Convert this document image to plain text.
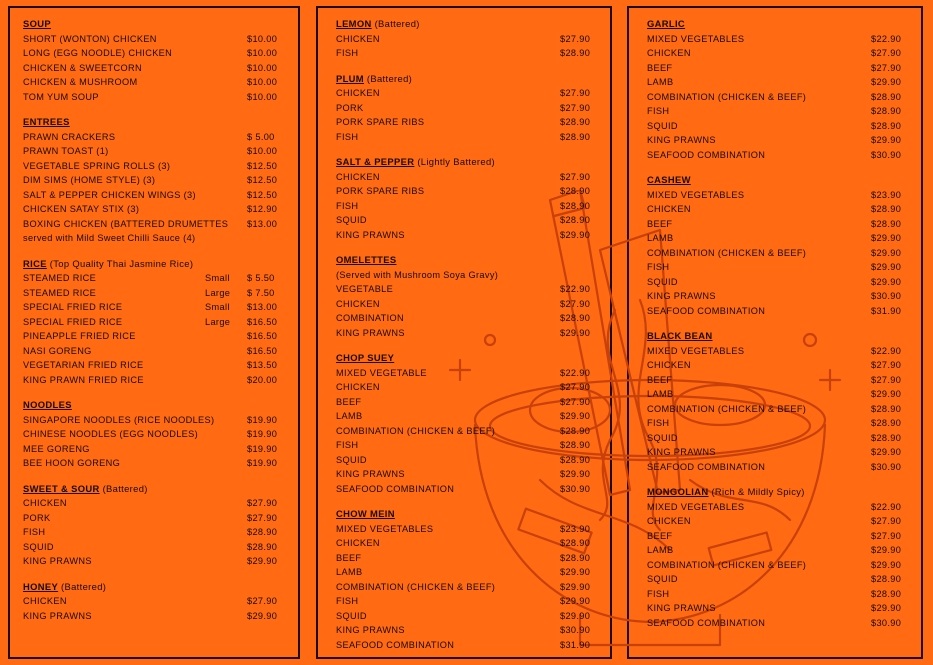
SOUP
SHORT (WONTON) CHICKEN	$10.00
LONG (EGG NOODLE) CHICKEN	$10.00
CHICKEN & SWEETCORN	$10.00
CHICKEN & MUSHROOM	$10.00
TOM YUM SOUP	$10.00
ENTREES
PRAWN CRACKERS	$ 5.00
PRAWN TOAST (1)	$10.00
VEGETABLE SPRING ROLLS (3)	$12.50
DIM SIMS (HOME STYLE) (3)	$12.50
SALT & PEPPER CHICKEN WINGS (3)	$12.50
CHICKEN SATAY STIX (3)	$12.90
BOXING CHICKEN (BATTERED DRUMETTES	$13.00
served with Mild Sweet Chilli Sauce (4)
RICE (Top Quality Thai Jasmine Rice)
STEAMED RICE	Small	$ 5.50
STEAMED RICE	Large	$ 7.50
SPECIAL FRIED RICE	Small	$13.00
SPECIAL FRIED RICE	Large	$16.50
PINEAPPLE FRIED RICE	$16.50
NASI GORENG	$16.50
VEGETARIAN FRIED RICE	$13.50
KING PRAWN FRIED RICE	$20.00
NOODLES
SINGAPORE NOODLES (RICE NOODLES)	$19.90
CHINESE NOODLES (EGG NOODLES)	$19.90
MEE GORENG	$19.90
BEE HOON GORENG	$19.90
SWEET & SOUR (Battered)
CHICKEN	$27.90
PORK	$27.90
FISH	$28.90
SQUID	$28.90
KING PRAWNS	$29.90
HONEY (Battered)
CHICKEN	$27.90
KING PRAWNS	$29.90
LEMON (Battered)
CHICKEN	$27.90
FISH	$28.90
PLUM (Battered)
CHICKEN	$27.90
PORK	$27.90
PORK SPARE RIBS	$28.90
FISH	$28.90
SALT & PEPPER (Lightly Battered)
CHICKEN	$27.90
PORK SPARE RIBS	$28.90
FISH	$28.90
SQUID	$28.90
KING PRAWNS	$29.90
OMELETTES
(Served with Mushroom Soya Gravy)
VEGETABLE	$22.90
CHICKEN	$27.90
COMBINATION	$28.90
KING PRAWNS	$29.90
CHOP SUEY
MIXED VEGETABLE	$22.90
CHICKEN	$27.90
BEEF	$27.90
LAMB	$29.90
COMBINATION (CHICKEN & BEEF)	$28.90
FISH	$28.90
SQUID	$28.90
KING PRAWNS	$29.90
SEAFOOD COMBINATION	$30.90
CHOW MEIN
MIXED VEGETABLES	$23.90
CHICKEN	$28.90
BEEF	$28.90
LAMB	$29.90
COMBINATION (CHICKEN & BEEF)	$29.90
FISH	$29.90
SQUID	$29.90
KING PRAWNS	$30.90
SEAFOOD COMBINATION	$31.90
GARLIC
MIXED VEGETABLES	$22.90
CHICKEN	$27.90
BEEF	$27.90
LAMB	$29.90
COMBINATION (CHICKEN & BEEF)	$28.90
FISH	$28.90
SQUID	$28.90
KING PRAWNS	$29.90
SEAFOOD COMBINATION	$30.90
CASHEW
MIXED VEGETABLES	$23.90
CHICKEN	$28.90
BEEF	$28.90
LAMB	$29.90
COMBINATION (CHICKEN & BEEF)	$29.90
FISH	$29.90
SQUID	$29.90
KING PRAWNS	$30.90
SEAFOOD COMBINATION	$31.90
BLACK BEAN
MIXED VEGETABLES	$22.90
CHICKEN	$27.90
BEEF	$27.90
LAMB	$29.90
COMBINATION (CHICKEN & BEEF)	$28.90
FISH	$28.90
SQUID	$28.90
KING PRAWNS	$29.90
SEAFOOD COMBINATION	$30.90
MONGOLIAN (Rich & Mildly Spicy)
MIXED VEGETABLES	$22.90
CHICKEN	$27.90
BEEF	$27.90
LAMB	$29.90
COMBINATION (CHICKEN & BEEF)	$29.90
SQUID	$28.90
FISH	$28.90
KING PRAWNS	$29.90
SEAFOOD COMBINATION	$30.90
